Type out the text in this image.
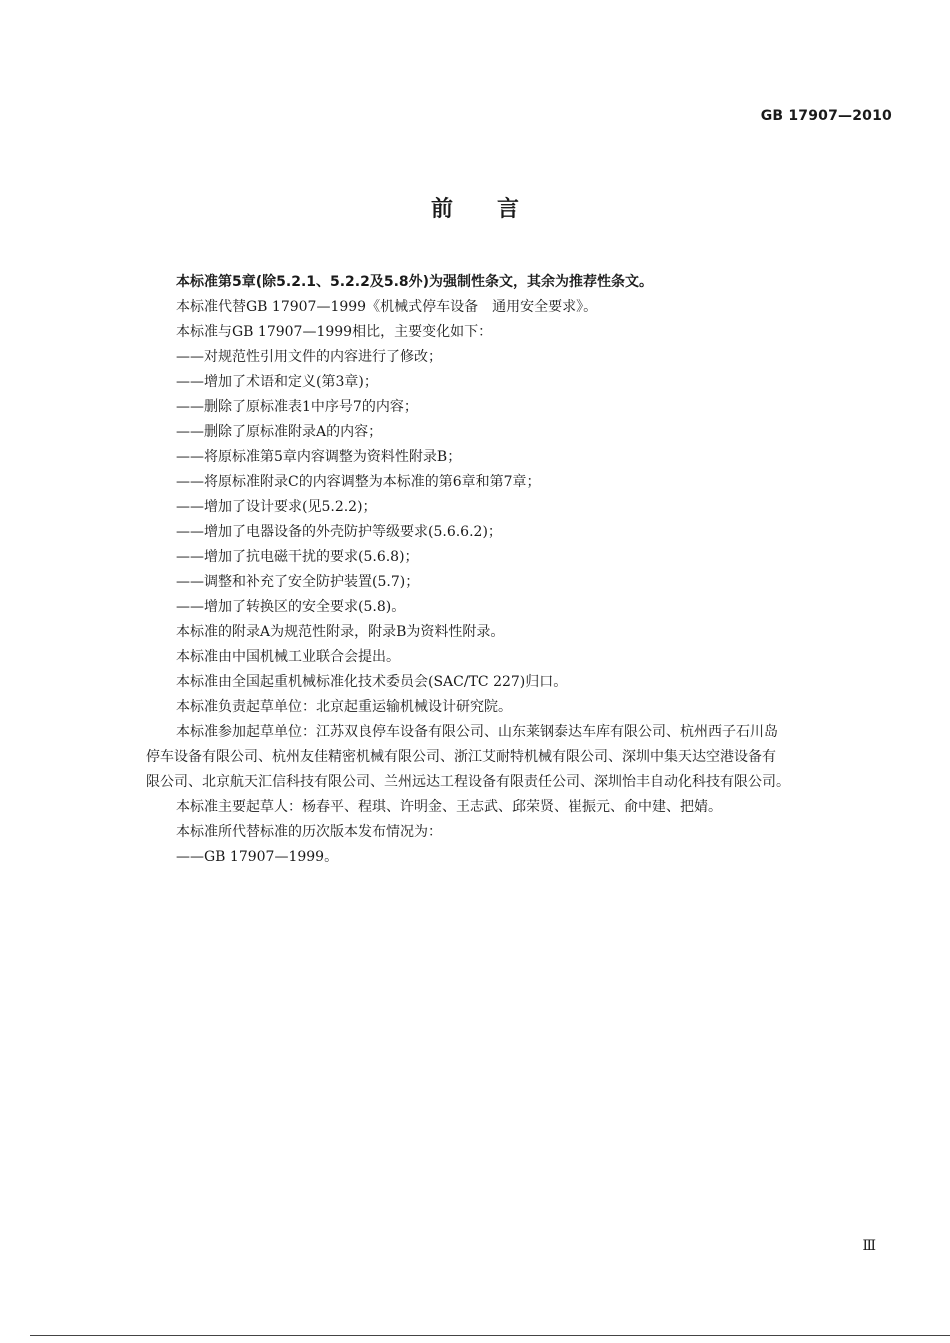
GB 17907—2010
前言
本标准第5章(除5.2.1、5.2.2及5.8外)为强制性条文，其余为推荐性条文。
本标准代替GB 17907—1999《机械式停车设备　通用安全要求》。
本标准与GB 17907—1999相比，主要变化如下：
——对规范性引用文件的内容进行了修改；
——增加了术语和定义(第3章)；
——删除了原标准表1中序号7的内容；
——删除了原标准附录A的内容；
——将原标准第5章内容调整为资料性附录B；
——将原标准附录C的内容调整为本标准的第6章和第7章；
——增加了设计要求(见5.2.2)；
——增加了电器设备的外壳防护等级要求(5.6.6.2)；
——增加了抗电磁干扰的要求(5.6.8)；
——调整和补充了安全防护装置(5.7)；
——增加了转换区的安全要求(5.8)。
本标准的附录A为规范性附录，附录B为资料性附录。
本标准由中国机械工业联合会提出。
本标准由全国起重机械标准化技术委员会(SAC/TC 227)归口。
本标准负责起草单位：北京起重运输机械设计研究院。
本标准参加起草单位：江苏双良停车设备有限公司、山东莱钢泰达车库有限公司、杭州西子石川岛
停车设备有限公司、杭州友佳精密机械有限公司、浙江艾耐特机械有限公司、深圳中集天达空港设备有
限公司、北京航天汇信科技有限公司、兰州远达工程设备有限责任公司、深圳怡丰自动化科技有限公司。
本标准主要起草人：杨春平、程琪、许明金、王志武、邱荣贤、崔振元、俞中建、把婧。
本标准所代替标准的历次版本发布情况为：
——GB 17907—1999。
Ⅲ
